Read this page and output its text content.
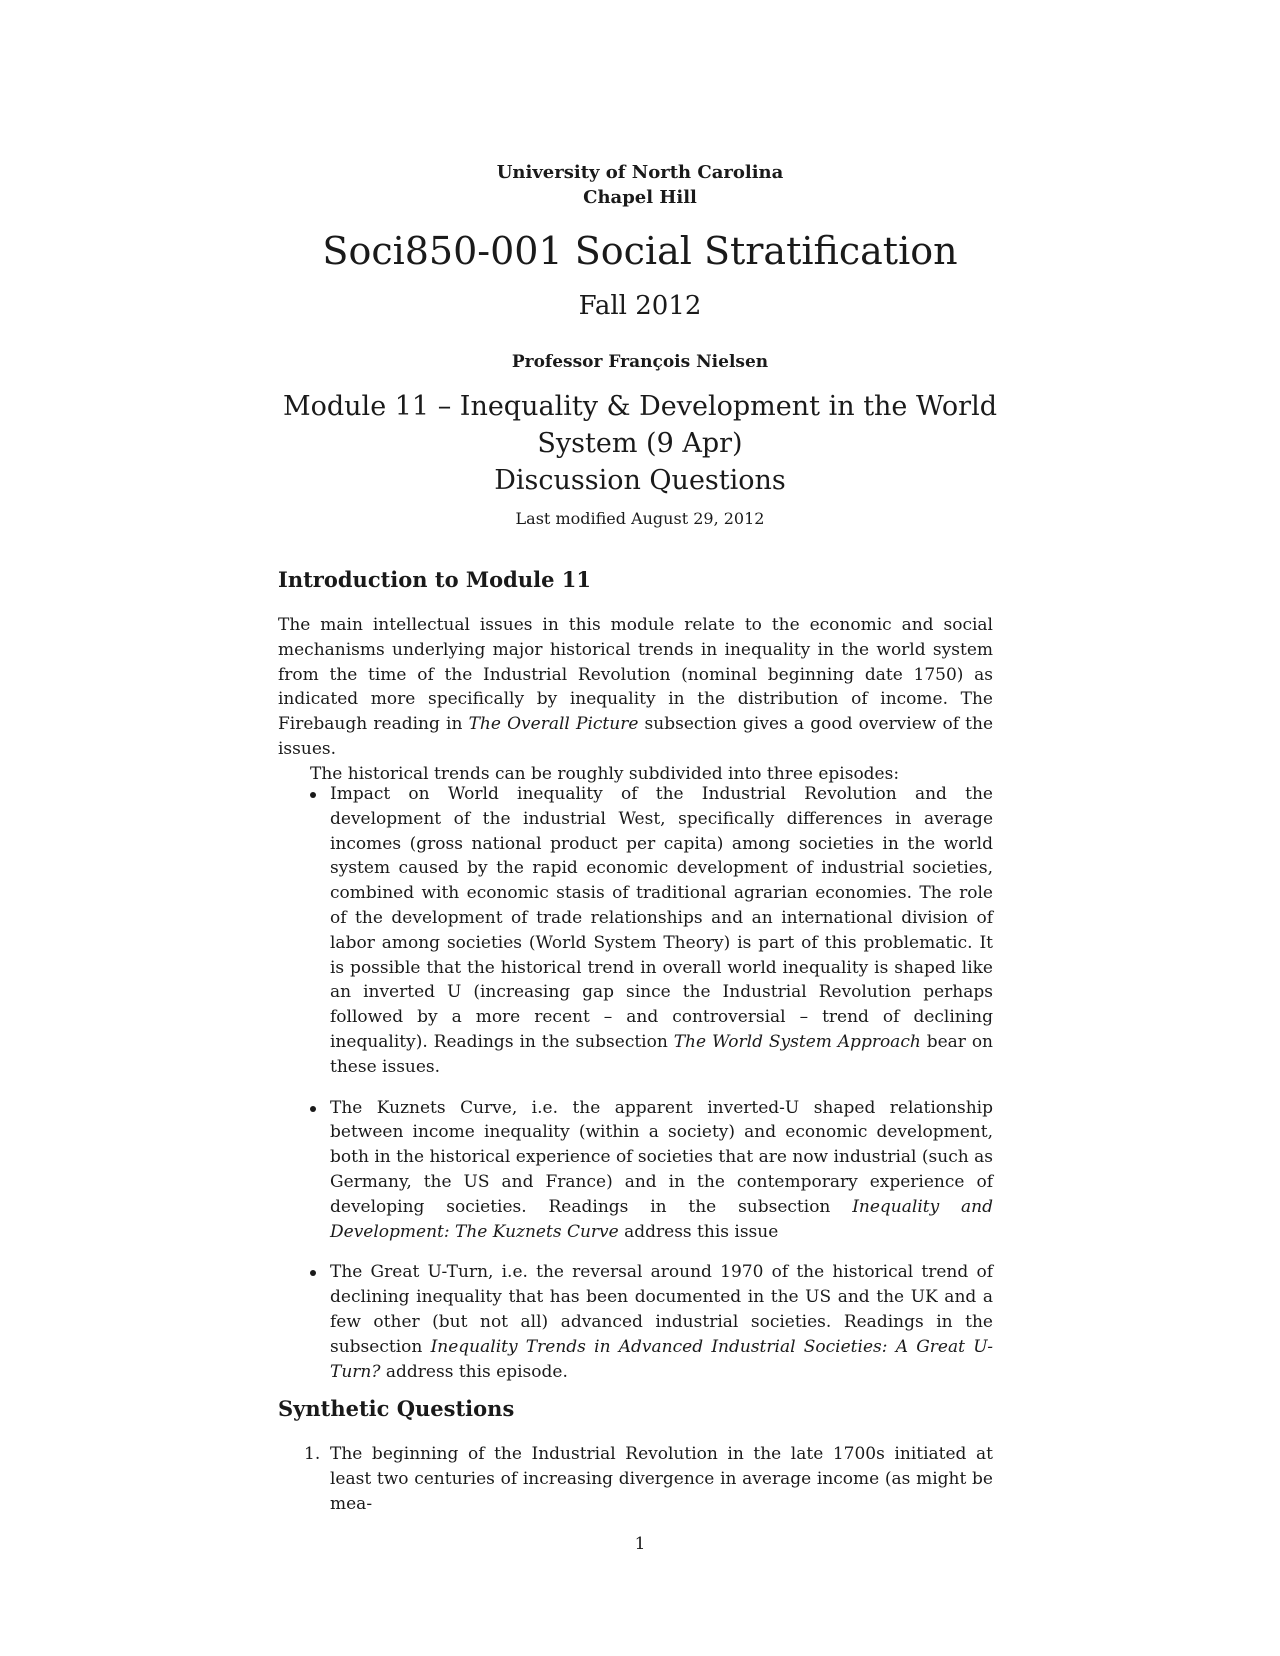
University of North Carolina
Chapel Hill
Soci850-001 Social Stratification
Fall 2012
Professor François Nielsen
Module 11 – Inequality & Development in the World
System (9 Apr)
Discussion Questions
Last modified August 29, 2012
Introduction to Module 11

The main intellectual issues in this module relate to the economic and social mechanisms underlying major historical trends in inequality in the world system from the time of the Industrial Revolution (nominal beginning date 1750) as indicated more specifically by inequality in the distribution of income. The Firebaugh reading in The Overall Picture subsection gives a good overview of the issues.

The historical trends can be roughly subdivided into three episodes:

Impact on World inequality of the Industrial Revolution and the development of the industrial West, specifically differences in average incomes (gross national product per capita) among societies in the world system caused by the rapid economic development of industrial societies, combined with economic stasis of traditional agrarian economies. The role of the development of trade relationships and an international division of labor among societies (World System Theory) is part of this problematic. It is possible that the historical trend in overall world inequality is shaped like an inverted U (increasing gap since the Industrial Revolution perhaps followed by a more recent – and controversial – trend of declining inequality). Readings in the subsection The World System Approach bear on these issues.
The Kuznets Curve, i.e. the apparent inverted-U shaped relationship between income inequality (within a society) and economic development, both in the historical experience of societies that are now industrial (such as Germany, the US and France) and in the contemporary experience of developing societies. Readings in the subsection Inequality and Development: The Kuznets Curve address this issue
The Great U-Turn, i.e. the reversal around 1970 of the historical trend of declining inequality that has been documented in the US and the UK and a few other (but not all) advanced industrial societies. Readings in the subsection Inequality Trends in Advanced Industrial Societies: A Great U-Turn? address this episode.
Synthetic Questions
1. The beginning of the Industrial Revolution in the late 1700s initiated at least two centuries of increasing divergence in average income (as might be mea-
1
